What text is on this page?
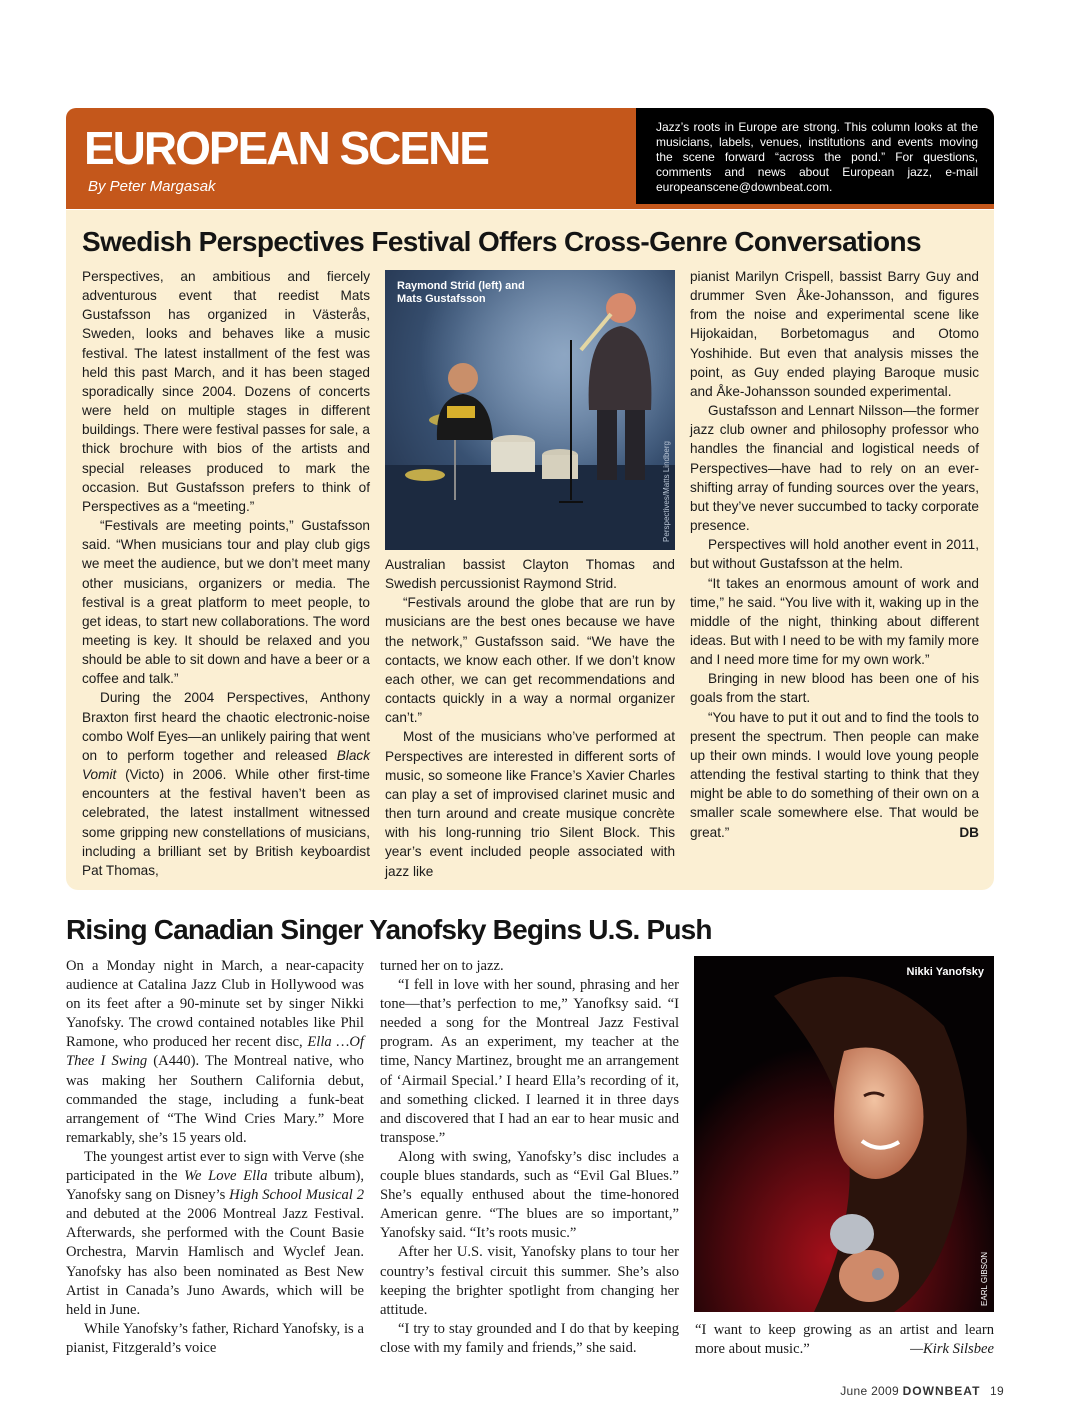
EUROPEAN SCENE
By Peter Margasak
Jazz’s roots in Europe are strong. This column looks at the musicians, labels, venues, institutions and events moving the scene forward “across the pond.” For questions, comments and news about European jazz, e-mail europeanscene@downbeat.com.
Swedish Perspectives Festival Offers Cross-Genre Conversations

Perspectives, an ambitious and fiercely adventurous event that reedist Mats Gustafsson has organized in Västerås, Sweden, looks and behaves like a music festival. The latest installment of the fest was held this past March, and it has been staged sporadically since 2004. Dozens of concerts were held on multiple stages in different buildings. There were festival passes for sale, a thick brochure with bios of the artists and special releases produced to mark the occasion. But Gustafsson prefers to think of Perspectives as a “meeting.”

“Festivals are meeting points,” Gustafsson said. “When musicians tour and play club gigs we meet the audience, but we don’t meet many other musicians, organizers or media. The festival is a great platform to meet people, to get ideas, to start new collaborations. The word meeting is key. It should be relaxed and you should be able to sit down and have a beer or a coffee and talk.”

During the 2004 Perspectives, Anthony Braxton first heard the chaotic electronic-noise combo Wolf Eyes—an unlikely pairing that went on to perform together and released Black Vomit (Victo) in 2006. While other first-time encounters at the festival haven’t been as celebrated, the latest installment witnessed some gripping new constellations of musicians, including a brilliant set by British keyboardist Pat Thomas,

Raymond Strid (left) and
Mats Gustafsson
Perspectives/Matts Lindberg

Australian bassist Clayton Thomas and Swedish percussionist Raymond Strid.

“Festivals around the globe that are run by musicians are the best ones because we have the network,” Gustafsson said. “We have the contacts, we know each other. If we don’t know each other, we can get recommendations and contacts quickly in a way a normal organizer can’t.”

Most of the musicians who’ve performed at Perspectives are interested in different sorts of music, so someone like France’s Xavier Charles can play a set of improvised clarinet music and then turn around and create musique concrète with his long-running trio Silent Block. This year’s event included people associated with jazz like

pianist Marilyn Crispell, bassist Barry Guy and drummer Sven Åke-Johansson, and figures from the noise and experimental scene like Hijokaidan, Borbetomagus and Otomo Yoshihide. But even that analysis misses the point, as Guy ended playing Baroque music and Åke-Johansson sounded experimental.

Gustafsson and Lennart Nilsson—the former jazz club owner and philosophy professor who handles the financial and logistical needs of Perspectives—have had to rely on an ever-shifting array of funding sources over the years, but they’ve never succumbed to tacky corporate presence.

Perspectives will hold another event in 2011, but without Gustafsson at the helm.

“It takes an enormous amount of work and time,” he said. “You live with it, waking up in the middle of the night, thinking about different ideas. But with I need to be with my family more and I need more time for my own work.”

Bringing in new blood has been one of his goals from the start.

“You have to put it out and to find the tools to present the spectrum. Then people can make up their own minds. I would love young people attending the festival starting to think that they might be able to do something of their own on a smaller scale somewhere else. That would be great.”	DB

Rising Canadian Singer Yanofsky Begins U.S. Push

On a Monday night in March, a near-capacity audience at Catalina Jazz Club in Hollywood was on its feet after a 90-minute set by singer Nikki Yanofsky. The crowd contained notables like Phil Ramone, who produced her recent disc, Ella …Of Thee I Swing (A440). The Montreal native, who was making her Southern California debut, commanded the stage, including a funk-beat arrangement of “The Wind Cries Mary.” More remarkably, she’s 15 years old.

The youngest artist ever to sign with Verve (she participated in the We Love Ella tribute album), Yanofsky sang on Disney’s High School Musical 2 and debuted at the 2006 Montreal Jazz Festival. Afterwards, she performed with the Count Basie Orchestra, Marvin Hamlisch and Wyclef Jean. Yanofsky has also been nominated as Best New Artist in Canada’s Juno Awards, which will be held in June.

While Yanofsky’s father, Richard Yanofsky, is a pianist, Fitzgerald’s voice

turned her on to jazz.

“I fell in love with her sound, phrasing and her tone—that’s perfection to me,” Yanofksy said. “I needed a song for the Montreal Jazz Festival program. As an experiment, my teacher at the time, Nancy Martinez, brought me an arrangement of ‘Airmail Special.’ I heard Ella’s recording of it, and something clicked. I learned it in three days and discovered that I had an ear to hear music and transpose.”

Along with swing, Yanofsky’s disc includes a couple blues standards, such as “Evil Gal Blues.” She’s equally enthused about the time-honored American genre. “The blues are so important,” Yanofsky said. “It’s roots music.”

After her U.S. visit, Yanofsky plans to tour her country’s festival circuit this summer. She’s also keeping the brighter spotlight from changing her attitude.

“I try to stay grounded and I do that by keeping close with my family and friends,” she said.

Nikki Yanofsky
EARL GIBSON

“I want to keep growing as an artist and learn more about music.”	—Kirk Silsbee

June 2009 DOWNBEAT 19
